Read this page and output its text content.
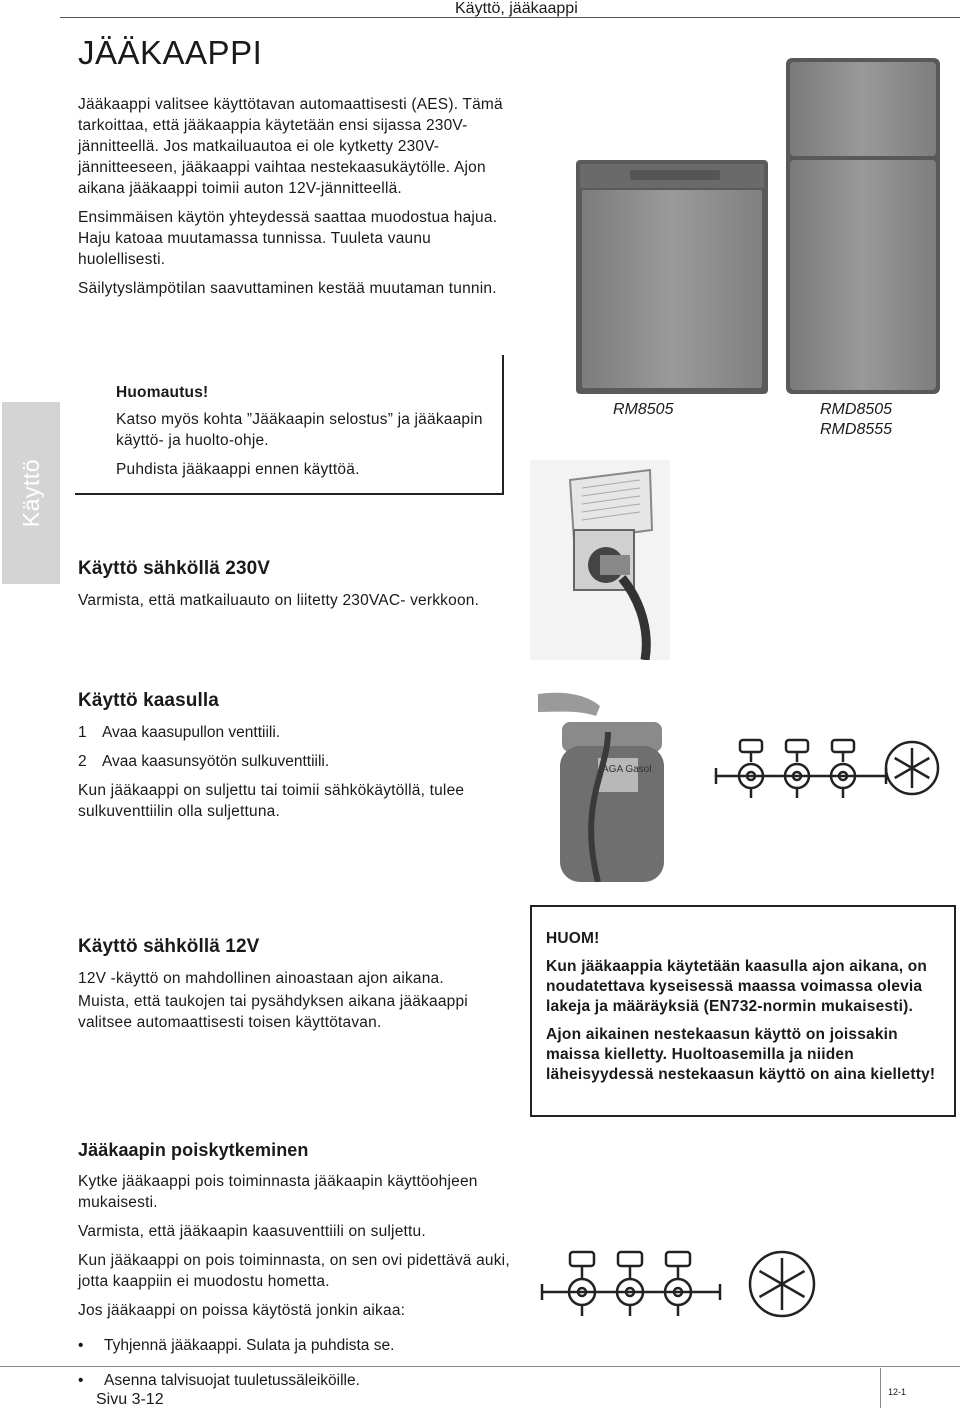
Käyttö, jääkaappi
Käyttö
JÄÄKAAPPI

Jääkaappi valitsee käyttötavan automaattisesti (AES). Tämä tarkoittaa, että jääkaappia käytetään ensi sijassa 230V-jännitteellä. Jos matkailuautoa ei ole kytketty 230V-jännitteeseen, jääkaappi vaihtaa nestekaasukäytölle. Ajon aikana jääkaappi toimii auton 12V-jännitteellä.

Ensimmäisen käytön yhteydessä saattaa muodostua hajua. Haju katoaa muutamassa tunnissa. Tuuleta vaunu huolellisesti.

Säilytyslämpötilan saavuttaminen kestää muutaman tunnin.

Huomautus!

Katso myös kohta ”Jääkaapin selostus” ja jääkaapin käyttö- ja huolto-ohje.

Puhdista jääkaappi ennen käyttöä.

RM8505	RMD8505
RMD8555
Käyttö sähköllä 230V

Varmista, että matkailuauto on liitetty 230VAC- verkkoon.

Käyttö kaasulla
1 Avaa kaasupullon venttiili.
2 Avaa kaasunsyötön sulkuventtiili.

Kun jääkaappi on suljettu tai toimii sähkökäytöllä, tulee sulkuventtiilin olla suljettuna.

AGA Gasol
Käyttö sähköllä 12V

12V -käyttö on mahdollinen ainoastaan ajon aikana.

Muista, että taukojen tai pysähdyksen aikana jääkaappi valitsee automaattisesti toisen käyttötavan.

HUOM!

Kun jääkaappia käytetään kaasulla ajon aikana, on noudatettava kyseisessä maassa voimassa olevia lakeja ja määräyksiä (EN732-normin mukaisesti).

Ajon aikainen nestekaasun käyttö on joissakin maissa kielletty. Huoltoasemilla ja niiden läheisyydessä nestekaasun käyttö on aina kielletty!

Jääkaapin poiskytkeminen

Kytke jääkaappi pois toiminnasta jääkaapin käyttöohjeen mukaisesti.

Varmista, että jääkaapin kaasuventtiili on suljettu.

Kun jääkaappi on pois toiminnasta, on sen ovi pidettävä auki, jotta kaappiin ei muodostu hometta.

Jos jääkaappi on poissa käytöstä jonkin aikaa:

•	Tyhjennä jääkaappi. Sulata ja puhdista se.
•	Asenna talvisuojat tuuletussäleiköille.
Sivu 3-12	12-1
